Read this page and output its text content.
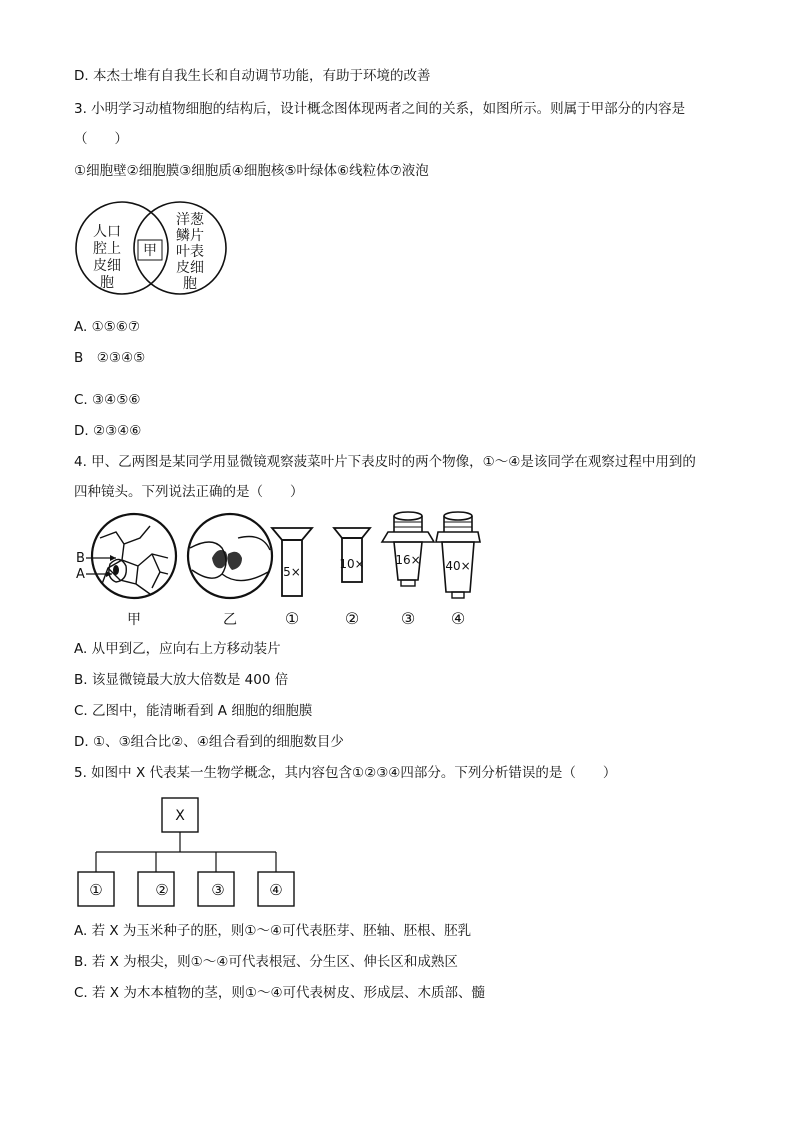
D. 本杰士堆有自我生长和自动调节功能，有助于环境的改善
3. 小明学习动植物细胞的结构后，设计概念图体现两者之间的关系，如图所示。则属于甲部分的内容是
（　　）
①细胞壁②细胞膜③细胞质④细胞核⑤叶绿体⑥线粒体⑦液泡
人口
腔上
皮细
胞
甲
洋葱
鳞片
叶表
皮细
胞
A. ①⑤⑥⑦
B　②③④⑤
C. ③④⑤⑥
D. ②③④⑥
4. 甲、乙两图是某同学用显微镜观察菠菜叶片下表皮时的两个物像，①～④是该同学在观察过程中用到的
四种镜头。下列说法正确的是（　　）
B
A	5×
10×	16× 40×
甲	乙	①	②	③ ④
A. 从甲到乙，应向右上方移动装片
B. 该显微镜最大放大倍数是 400 倍
C. 乙图中，能清晰看到 A 细胞的细胞膜
D. ①、③组合比②、④组合看到的细胞数目少
5. 如图中 X 代表某一生物学概念，其内容包含①②③④四部分。下列分析错误的是（　　）
X
①	②	③	④
A. 若 X 为玉米种子的胚，则①～④可代表胚芽、胚轴、胚根、胚乳
B. 若 X 为根尖，则①～④可代表根冠、分生区、伸长区和成熟区
C. 若 X 为木本植物的茎，则①～④可代表树皮、形成层、木质部、髓
